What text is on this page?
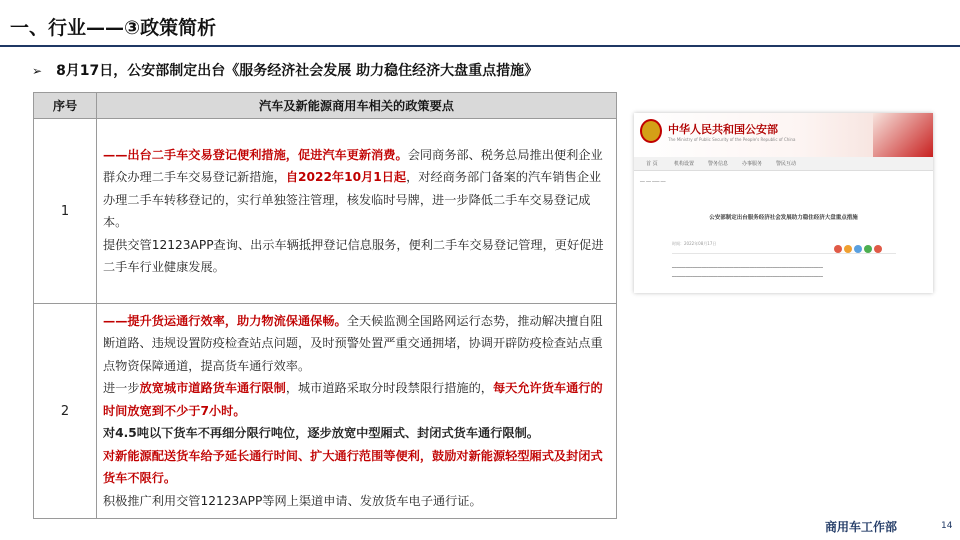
一、行业——③政策简析
➢ 8月17日，公安部制定出台《服务经济社会发展 助力稳住经济大盘重点措施》
序号	汽车及新能源商用车相关的政策要点
1	——出台二手车交易登记便利措施，促进汽车更新消费。会同商务部、税务总局推出便利企业群众办理二手车交易登记新措施，自2022年10月1日起，对经商务部门备案的汽车销售企业办理二手车转移登记的，实行单独签注管理，核发临时号牌，进一步降低二手车交易登记成本。

提供交管12123APP查询、出示车辆抵押登记信息服务，便利二手车交易登记管理，更好促进二手车行业健康发展。

2	——提升货运通行效率，助力物流保通保畅。全天候监测全国路网运行态势，推动解决擅自阻断道路、违规设置防疫检查站点问题，及时预警处置严重交通拥堵，协调开辟防疫检查站点重点物资保障通道，提高货车通行效率。

进一步放宽城市道路货车通行限制，城市道路采取分时段禁限行措施的，每天允许货车通行的时间放宽到不少于7小时。

对4.5吨以下货车不再细分限行吨位，逐步放宽中型厢式、封闭式货车通行限制。

对新能源配送货车给予延长通行时间、扩大通行范围等便利，鼓励对新能源轻型厢式及封闭式货车不限行。

积极推广利用交管12123APP等网上渠道申请、发放货车电子通行证。

中华人民共和国公安部
The Ministry of Public Security of the People's Republic of China
首 页	机构设置	警务信息	办事服务	警民互动
━━ ━━ ━━━ ━━
公安部制定出台服务经济社会发展助力稳住经济大盘重点措施
时间：2022年08月17日
━━━━━━━━━━━━━━━━━━━━━━━━━━━━━━━━━━━━━━━━━━━━━━━━━━━━━━━━━━━━━━━━━━
━━━━━━━━━━━━━━━━━━━━━━━━━━━━━━━━━━━━━━━━━━━━━━━━━━━━━━━━━━━━━━━━━━
商用车工作部	14
